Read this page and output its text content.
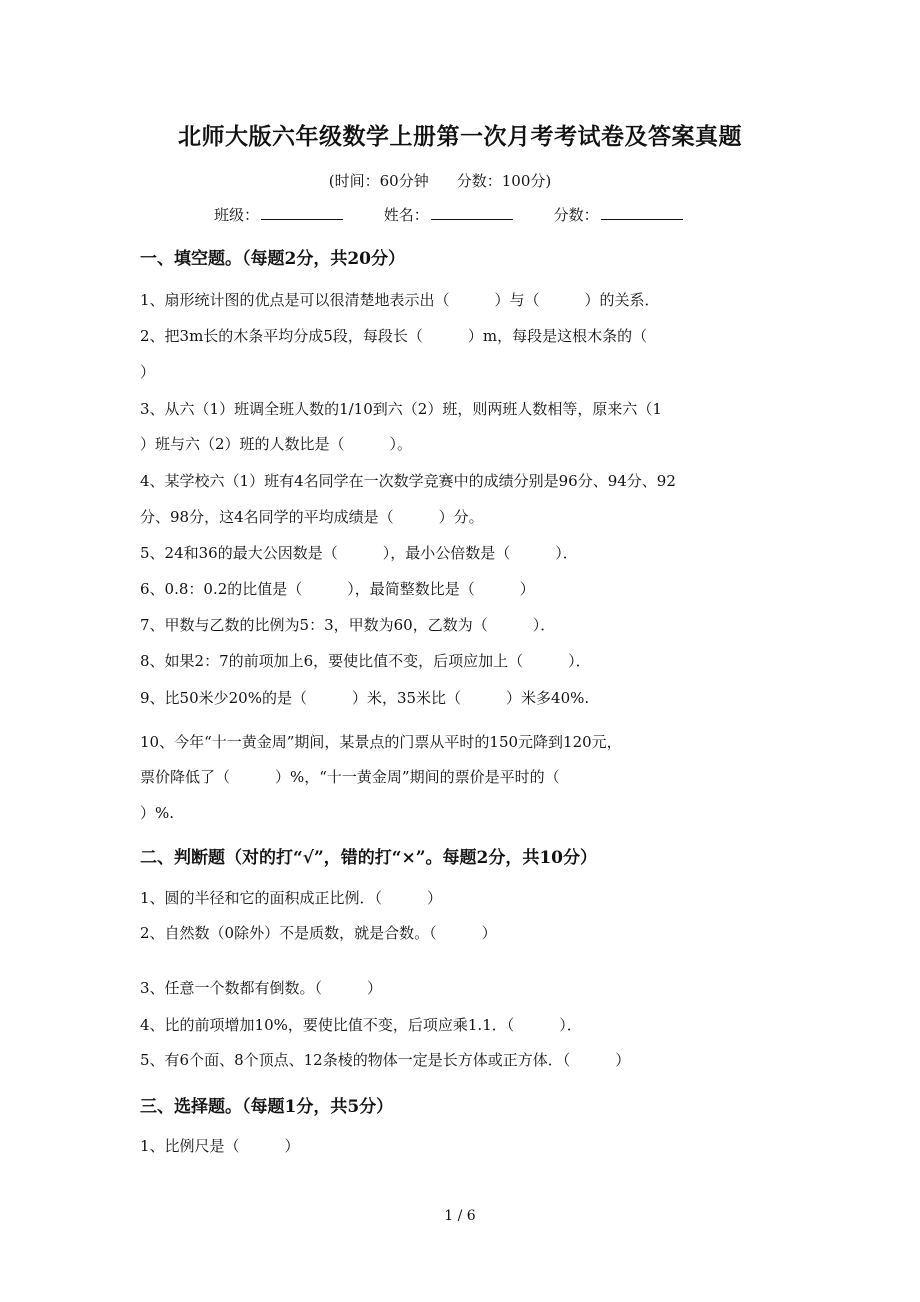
北师大版六年级数学上册第一次月考考试卷及答案真题
(时间：60分钟 分数：100分)
班级：	姓名：	分数：
一、填空题。（每题2分，共20分）
1、扇形统计图的优点是可以很清楚地表示出（　　　）与（　　　）的关系．
2、把3m长的木条平均分成5段，每段长（　　　）m，每段是这根木条的（
）
3、从六（1）班调全班人数的1/10到六（2）班，则两班人数相等，原来六（1
）班与六（2）班的人数比是（　　　）。
4、某学校六（1）班有4名同学在一次数学竞赛中的成绩分别是96分、94分、92
分、98分，这4名同学的平均成绩是（　　　）分。
5、24和36的最大公因数是（　　　），最小公倍数是（　　　）．
6、0.8：0.2的比值是（　　　），最简整数比是（　　　）
7、甲数与乙数的比例为5：3，甲数为60，乙数为（　　　）．
8、如果2：7的前项加上6，要使比值不变，后项应加上（　　　）．
9、比50米少20%的是（　　　）米，35米比（　　　）米多40%.
10、今年“十一黄金周”期间，某景点的门票从平时的150元降到120元，
票价降低了（　　　）%，“十一黄金周”期间的票价是平时的（
）%.
二、判断题（对的打“√”，错的打“×”。每题2分，共10分）
1、圆的半径和它的面积成正比例．（　　　）
2、自然数（0除外）不是质数，就是合数。（　　　）
3、任意一个数都有倒数。（　　　）
4、比的前项增加10%，要使比值不变，后项应乘1.1．（　　　）．
5、有6个面、8个顶点、12条棱的物体一定是长方体或正方体．（　　　）
三、选择题。（每题1分，共5分）
1、比例尺是（　　　）
1 / 6
